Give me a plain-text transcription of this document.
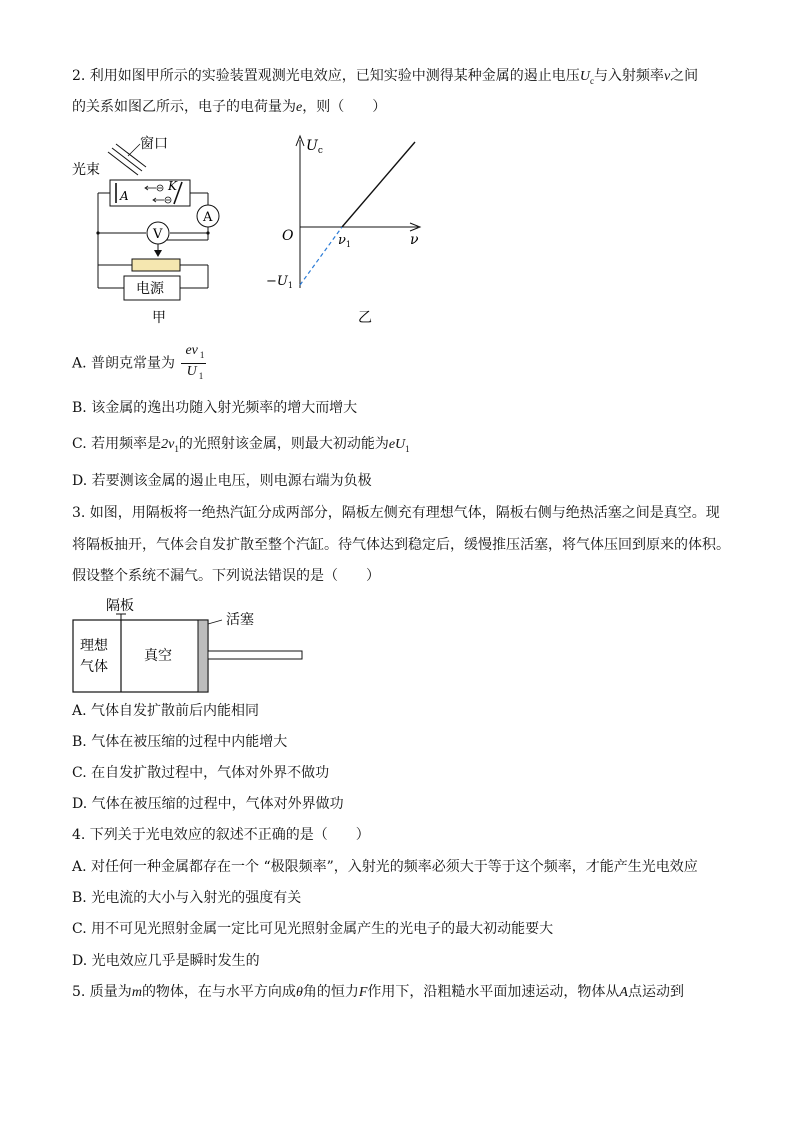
2. 利用如图甲所示的实验装置观测光电效应，已知实验中测得某种金属的遏止电压$U_c$与入射频率ν之间
的关系如图乙所示，电子的电荷量为e，则（　　）
窗口
光束
A
K
A
V
电源
甲
$U_c$
O	$\nu_1$	ν
$-U_1$
乙
A. 普朗克常量为 $\frac{e\nu _1}{U _1}$
B. 该金属的逸出功随入射光频率的增大而增大
C. 若用频率是$2\nu_1$的光照射该金属，则最大初动能为$eU_1$
D. 若要测该金属的遏止电压，则电源右端为负极
3. 如图，用隔板将一绝热汽缸分成两部分，隔板左侧充有理想气体，隔板右侧与绝热活塞之间是真空。现
将隔板抽开，气体会自发扩散至整个汽缸。待气体达到稳定后，缓慢推压活塞，将气体压回到原来的体积。
假设整个系统不漏气。下列说法错误的是（　　）
隔板
活塞
理想
气体
真空
A. 气体自发扩散前后内能相同
B. 气体在被压缩的过程中内能增大
C. 在自发扩散过程中，气体对外界不做功
D. 气体在被压缩的过程中，气体对外界做功
4. 下列关于光电效应的叙述不正确的是（　　）
A. 对任何一种金属都存在一个 “极限频率”，入射光的频率必须大于等于这个频率，才能产生光电效应
B. 光电流的大小与入射光的强度有关
C. 用不可见光照射金属一定比可见光照射金属产生的光电子的最大初动能要大
D. 光电效应几乎是瞬时发生的
5. 质量为m的物体，在与水平方向成θ角的恒力F作用下，沿粗糙水平面加速运动，物体从A点运动到
